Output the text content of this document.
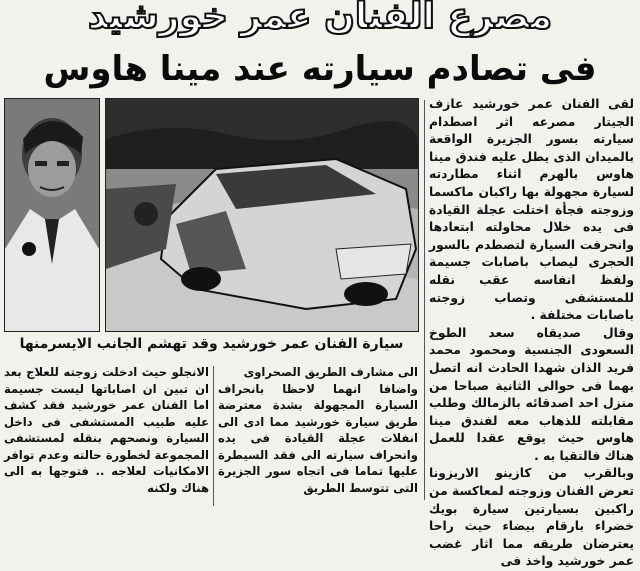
مصرع الفنان عمر خورشيد
فى تصادم سيارته عند مينا هاوس

لقى الفنان عمر خورشيد عازف الجيتار مصرعه اثر اصطدام سيارته بسور الجزيرة الواقعة بالميدان الذى يطل عليه فندق مينا هاوس بالهرم اثناء مطاردته لسيارة مجهولة بها راكبان ماكسما وزوجته فجأة اختلت عجلة القيادة فى يده خلال محاولته ابتعادها وانحرفت السيارة لتصطدم بالسور الحجرى ليصاب باصابات جسيمة ولفظ انفاسه عقب نقله للمستشفى وتصاب زوجته باصابات مختلفة .

وقال صديقاه سعد الطوخ السعودى الجنسية ومحمود محمد فريد الذان شهدا الحادث انه اتصل بهما فى حوالى الثانية صباحا من منزل احد اصدقائه بالزمالك وطلب مقابلته للذهاب معه لفندق مينا هاوس حيث يوقع عقدا للعمل هناك فالتقيا به .

وبالقرب من كازينو الاريزونا تعرض الفنان وزوجته لمعاكسة من راكبين بسيارتين سيارة بويك خضراء بارقام بيضاء حيث راحا يعترضان طريقه مما اثار غضب عمر خورشيد واخذ فى

سيارة الفنان عمر خورشيد وقد تهشم الجانب الايسرمنها

الى مشارف الطريق الصحراوى

واضافا انهما لاحظا بانحراف السيارة المجهولة بشدة معترضة طريق سيارة خورشيد مما ادى الى انفلات عجلة القيادة فى يده وانحراف سيارته الى فقد السيطرة عليها تماما فى اتجاه سور الجزيرة التى تتوسط الطريق

الانجلو حيث ادخلت زوجته للعلاج بعد ان تبين ان اصاباتها ليست جسيمة اما الفنان عمر خورشيد فقد كشف عليه طبيب المستشفى فى داخل السيارة ونصحهم بنقله لمستشفى المجموعة لخطورة حالته وعدم توافر الامكانيات لعلاجه .. فتوجها به الى هناك ولكنه
